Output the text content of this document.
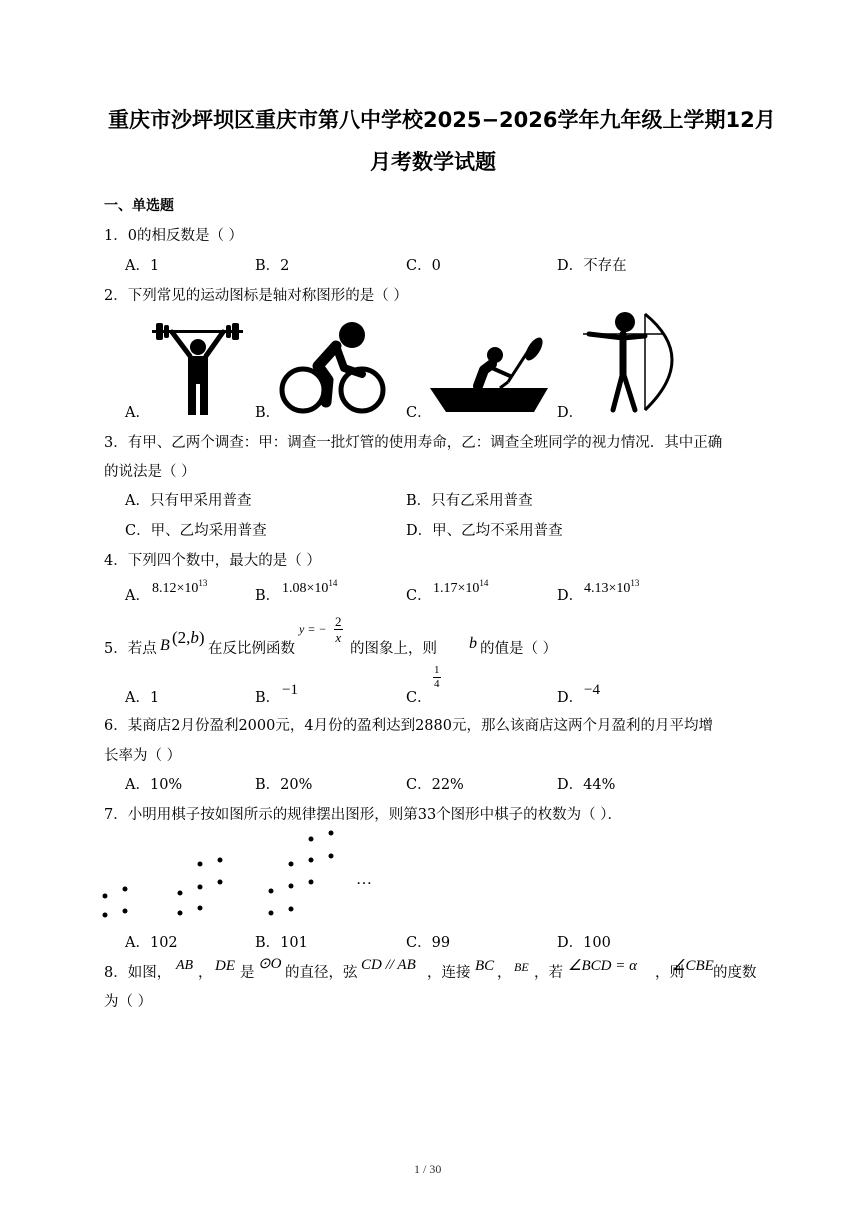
重庆市沙坪坝区重庆市第八中学校2025−2026学年九年级上学期12月
月考数学试题
一、单选题
1．0的相反数是（ ）
A．1	B．2	C．0	D．不存在
2．下列常见的运动图标是轴对称图形的是（ ）
A．	B．	C．	D．
3．有甲、乙两个调查：甲：调查一批灯管的使用寿命，乙：调查全班同学的视力情况．其中正确
的说法是（ ）
A．只有甲采用普查	B．只有乙采用普查
C．甲、乙均采用普查	D．甲、乙均不采用普查
4．下列四个数中，最大的是（ ）
A． $8.12\times 10^{13}$
B． $1.08\times 10^{14}$
C． $1.17\times 10^{14}$
D． $4.13\times 10^{13}$
5．若点 B (2,b)
在反比例函数
y = − $\frac{2}{x}$
的图象上，则 b 的值是（ ）
A．1	B． −1	C．
$\frac{1}{4}$
D． −4
6．某商店2月份盈利2000元，4月份的盈利达到2880元，那么该商店这两个月盈利的月平均增
长率为（ ）
A．10%	B．20%	C．22%	D．44%
7．小明用棋子按如图所示的规律摆出图形，则第33个图形中棋子的枚数为（ ）．
…
A．102	B．101	C．99	D．100
8．如图， AB ， DE 是
⊙O
的直径，弦 CD // AB ，连接 BC ， BE ，若 ∠BCD = α ，则
∠CBE 的度数
为（ ）
1 / 30
